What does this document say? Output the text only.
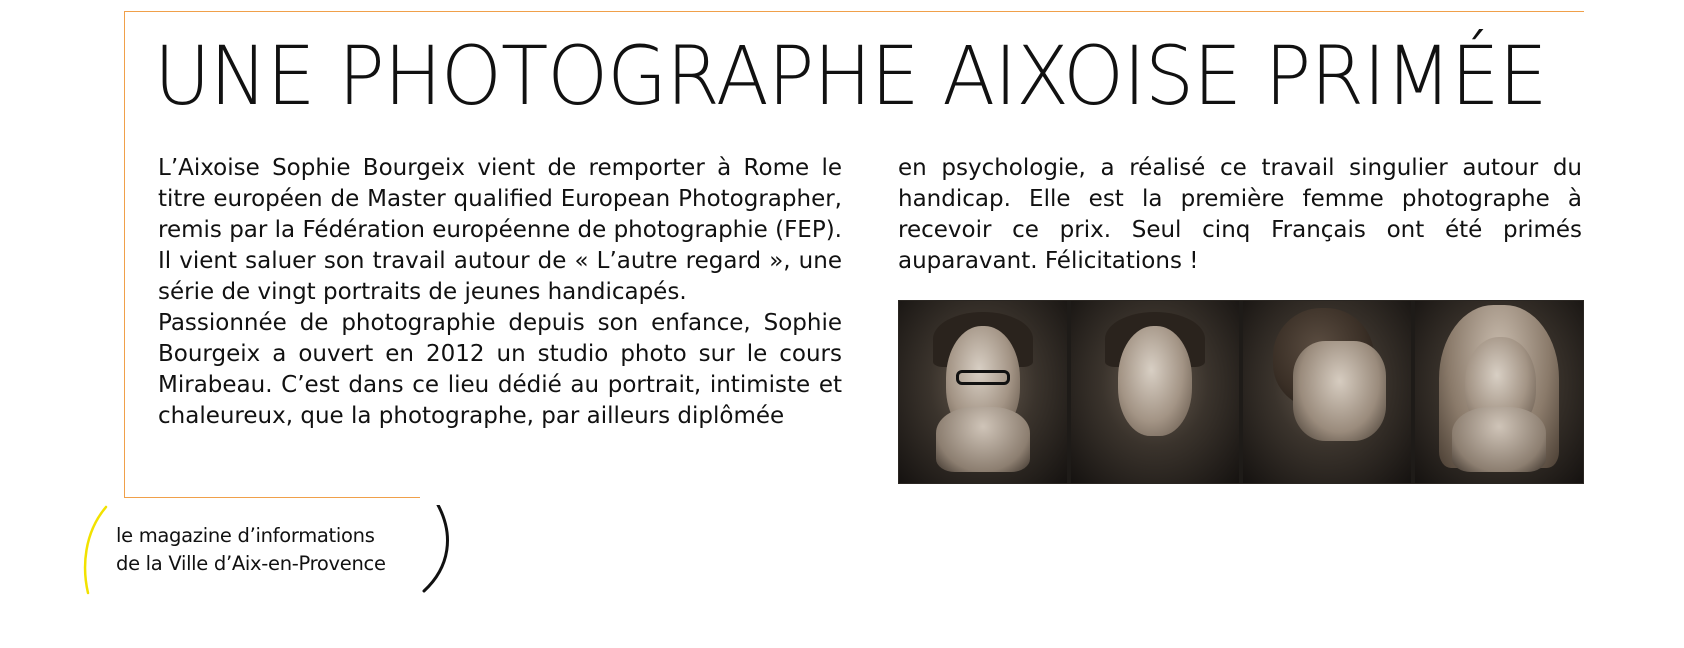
UNE PHOTOGRAPHE AIXOISE PRIMÉE

L’Aixoise Sophie Bourgeix vient de remporter à Rome le titre européen de Master qualified European Photographer, remis par la Fédération européenne de photographie (FEP). Il vient saluer son travail autour de « L’autre regard », une série de vingt portraits de jeunes handicapés.

Passionnée de photographie depuis son enfance, Sophie Bourgeix a ouvert en 2012 un studio photo sur le cours Mirabeau. C’est dans ce lieu dédié au portrait, intimiste et chaleureux, que la photographe, par ailleurs diplômée

en psychologie, a réalisé ce travail singulier autour du handicap. Elle est la première femme photographe à recevoir ce prix. Seul cinq Français ont été primés auparavant. Félicitations !

le magazine d’informations
de la Ville d’Aix-en-Provence
